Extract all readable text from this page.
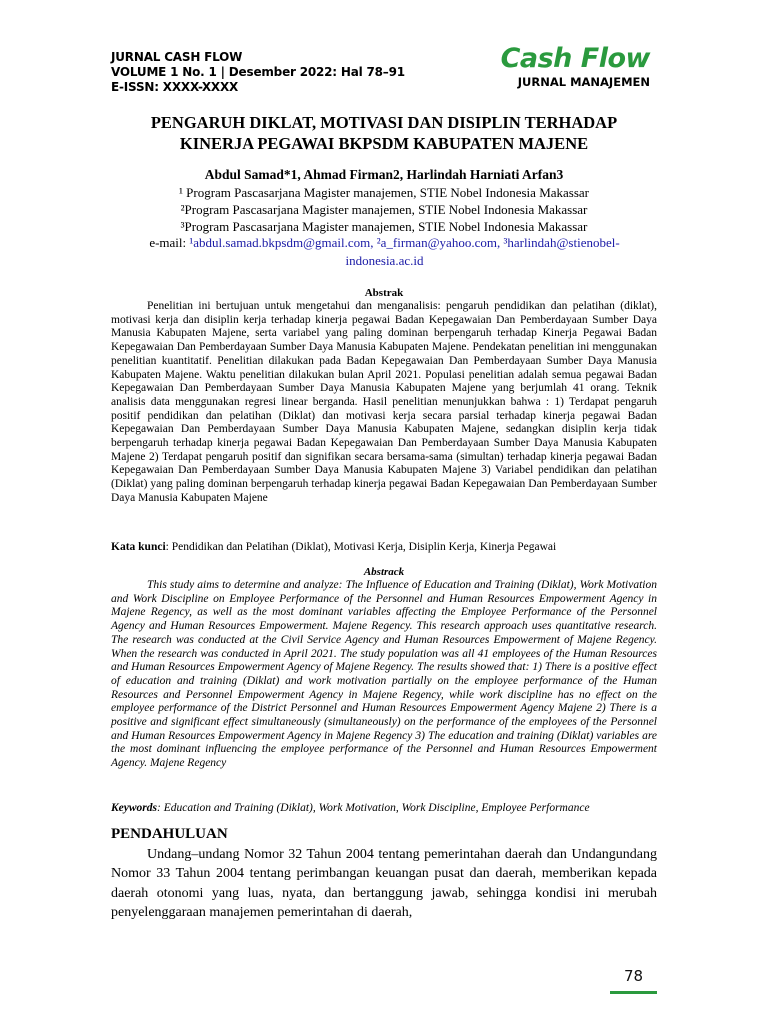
JURNAL CASH FLOW
VOLUME 1 No. 1 | Desember 2022: Hal 78–91
E-ISSN: XXXX-XXXX
Cash Flow
JURNAL MANAJEMEN
PENGARUH DIKLAT, MOTIVASI DAN DISIPLIN TERHADAP
KINERJA PEGAWAI BKPSDM KABUPATEN MAJENE
Abdul Samad*1, Ahmad Firman2, Harlindah Harniati Arfan3
¹ Program Pascasarjana Magister manajemen, STIE Nobel Indonesia Makassar
²Program Pascasarjana Magister manajemen, STIE Nobel Indonesia Makassar
³Program Pascasarjana Magister manajemen, STIE Nobel Indonesia Makassar
e-mail: ¹abdul.samad.bkpsdm@gmail.com, ²a_firman@yahoo.com, ³harlindah@stienobel-indonesia.ac.id
Abstrak
Penelitian ini bertujuan untuk mengetahui dan menganalisis: pengaruh pendidikan dan pelatihan (diklat), motivasi kerja dan disiplin kerja terhadap kinerja pegawai Badan Kepegawaian Dan Pemberdayaan Sumber Daya Manusia Kabupaten Majene, serta variabel yang paling dominan berpengaruh terhadap Kinerja Pegawai Badan Kepegawaian Dan Pemberdayaan Sumber Daya Manusia Kabupaten Majene. Pendekatan penelitian ini menggunakan penelitian kuantitatif. Penelitian dilakukan pada Badan Kepegawaian Dan Pemberdayaan Sumber Daya Manusia Kabupaten Majene. Waktu penelitian dilakukan bulan April 2021. Populasi penelitian adalah semua pegawai Badan Kepegawaian Dan Pemberdayaan Sumber Daya Manusia Kabupaten Majene yang berjumlah 41 orang. Teknik analisis data menggunakan regresi linear berganda. Hasil penelitian menunjukkan bahwa : 1) Terdapat pengaruh positif pendidikan dan pelatihan (Diklat) dan motivasi kerja secara parsial terhadap kinerja pegawai Badan Kepegawaian Dan Pemberdayaan Sumber Daya Manusia Kabupaten Majene, sedangkan disiplin kerja tidak berpengaruh terhadap kinerja pegawai Badan Kepegawaian Dan Pemberdayaan Sumber Daya Manusia Kabupaten Majene 2) Terdapat pengaruh positif dan signifikan secara bersama-sama (simultan) terhadap kinerja pegawai Badan Kepegawaian Dan Pemberdayaan Sumber Daya Manusia Kabupaten Majene 3) Variabel pendidikan dan pelatihan (Diklat) yang paling dominan berpengaruh terhadap kinerja pegawai Badan Kepegawaian Dan Pemberdayaan Sumber Daya Manusia Kabupaten Majene
Kata kunci: Pendidikan dan Pelatihan (Diklat), Motivasi Kerja, Disiplin Kerja, Kinerja Pegawai
Abstrack
This study aims to determine and analyze: The Influence of Education and Training (Diklat), Work Motivation and Work Discipline on Employee Performance of the Personnel and Human Resources Empowerment Agency in Majene Regency, as well as the most dominant variables affecting the Employee Performance of the Personnel Agency and Human Resources Empowerment. Majene Regency. This research approach uses quantitative research. The research was conducted at the Civil Service Agency and Human Resources Empowerment of Majene Regency. When the research was conducted in April 2021. The study population was all 41 employees of the Human Resources and Human Resources Empowerment Agency of Majene Regency. The results showed that: 1) There is a positive effect of education and training (Diklat) and work motivation partially on the employee performance of the Human Resources and Personnel Empowerment Agency in Majene Regency, while work discipline has no effect on the employee performance of the District Personnel and Human Resources Empowerment Agency Majene 2) There is a positive and significant effect simultaneously (simultaneously) on the performance of the employees of the Personnel and Human Resources Empowerment Agency in Majene Regency 3) The education and training (Diklat) variables are the most dominant influencing the employee performance of the Personnel and Human Resources Empowerment Agency. Majene Regency
Keywords: Education and Training (Diklat), Work Motivation, Work Discipline, Employee Performance
PENDAHULUAN
Undang–undang Nomor 32 Tahun 2004 tentang pemerintahan daerah dan Undangundang Nomor 33 Tahun 2004 tentang perimbangan keuangan pusat dan daerah, memberikan kepada daerah otonomi yang luas, nyata, dan bertanggung jawab, sehingga kondisi ini merubah penyelenggaraan manajemen pemerintahan di daerah,
78
